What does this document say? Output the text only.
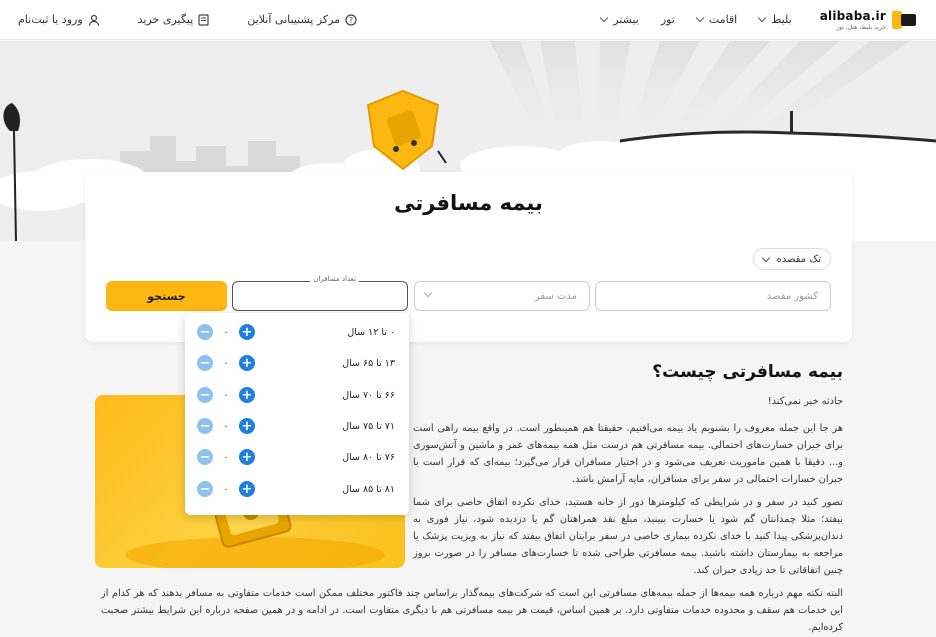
alibaba.ir
خرید بلیط، هتل، تور
بلیط
اقامت
تور
بیشتر
?
مرکز پشتیبانی آنلاین
پیگیری خرید
ورود یا ثبت‌نام
بیمه مسافرتی
تک مقصده
کشور مقصد
مدت سفر
تعداد مسافران
جستجو
۰ تا ۱۲ سال
+
۰
−
۱۳ تا ۶۵ سال
+
۰
−
۶۶ تا ۷۰ سال
+
۰
−
۷۱ تا ۷۵ سال
+
۰
−
۷۶ تا ۸۰ سال
+
۰
−
۸۱ تا ۸۵ سال
+
۰
−
بیمه مسافرتی چیست؟

حادثه خبر نمی‌کند!

هر جا این جمله معروف را بشنویم یاد بیمه می‌افتیم. حقیقتا هم همینطور است. در واقع بیمه راهی است برای جبران خسارت‌های احتمالی. بیمه مسافرتی هم درست مثل همه بیمه‌های عمر و ماشین و آتش‌سوزی و... دقیقا با همین ماموریت تعریف می‌شود و در اختیار مسافران قرار می‌گیرد؛ بیمه‌ای که قرار است با جبران خسارات احتمالی در سفر برای مسافران، مایه آرامش باشد.

تصور کنید در سفر و در شرایطی که کیلومترها دور از خانه هستید، خدای نکرده اتفاق خاصی برای شما بیفتد؛ مثلا چمدانتان گم شود یا خسارت ببینید، مبلغ نقد همراهتان گم یا دزدیده شود، نیاز فوری به دندان‌پزشکی پیدا کنید یا خدای نکرده بیماری خاصی در سفر برایتان اتفاق بیفتد که نیاز به ویزیت پزشک یا مراجعه به بیمارستان داشته باشید. بیمه مسافرتی طراحی شده تا خسارت‌های مسافر را در صورت بروز چنین اتفاقاتی تا حد زیادی جبران کند.

البته نکته مهم درباره همه بیمه‌ها از جمله بیمه‌های مسافرتی این است که شرکت‌های بیمه‌گذار براساس چند فاکتور مختلف ممکن است خدمات متفاوتی به مسافر بدهند که هر کدام از این خدمات هم سقف و محدوده خدمات متفاوتی دارد. بر همین اساس، قیمت هر بیمه مسافرتی هم با دیگری متفاوت است. در ادامه و در همین صفحه درباره این شرایط بیشتر صحبت کرده‌ایم.
